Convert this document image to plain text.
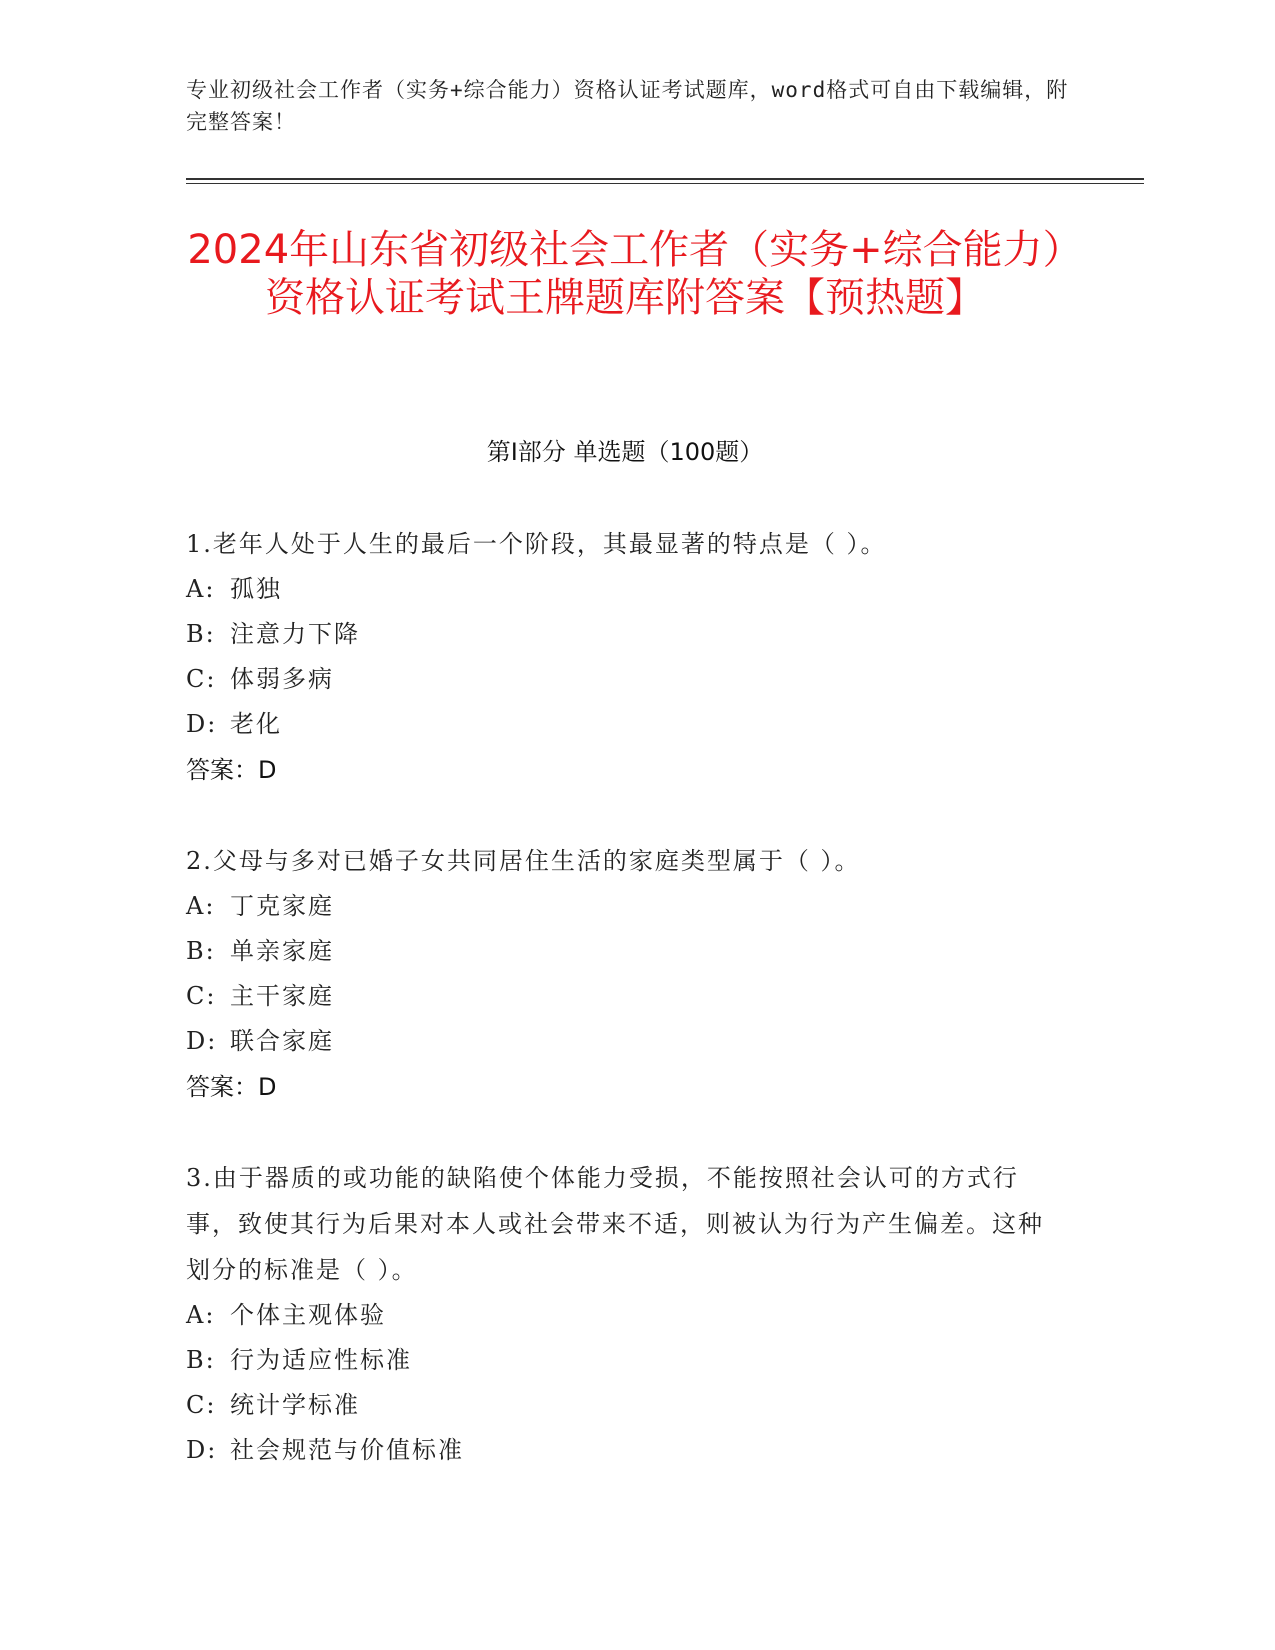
专业初级社会工作者（实务+综合能力）资格认证考试题库，word格式可自由下载编辑，附完整答案！
2024年山东省初级社会工作者（实务+综合能力）资格认证考试王牌题库附答案【预热题】
第Ⅰ部分 单选题（100题）
1.老年人处于人生的最后一个阶段，其最显著的特点是（ ）。
A: 孤独
B: 注意力下降
C: 体弱多病
D: 老化
答案：D
2.父母与多对已婚子女共同居住生活的家庭类型属于（ ）。
A: 丁克家庭
B: 单亲家庭
C: 主干家庭
D: 联合家庭
答案：D
3.由于器质的或功能的缺陷使个体能力受损，不能按照社会认可的方式行事，致使其行为后果对本人或社会带来不适，则被认为行为产生偏差。这种划分的标准是（ ）。
A: 个体主观体验
B: 行为适应性标准
C: 统计学标准
D: 社会规范与价值标准
